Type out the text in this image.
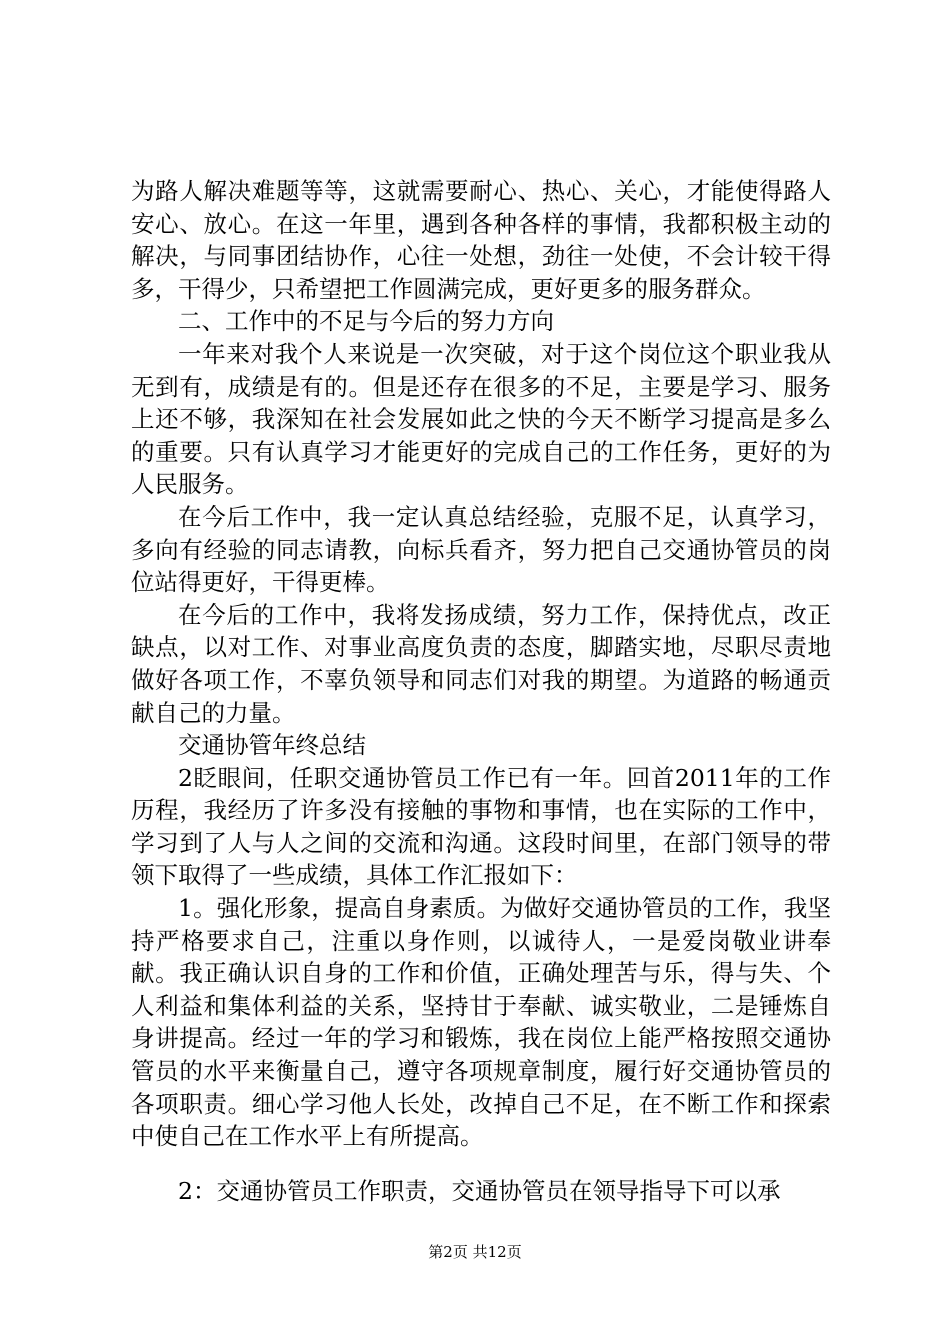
为路人解决难题等等，这就需要耐心、热心、关心，才能使得路人安心、放心。在这一年里，遇到各种各样的事情，我都积极主动的解决，与同事团结协作，心往一处想，劲往一处使，不会计较干得多，干得少，只希望把工作圆满完成，更好更多的服务群众。

二、工作中的不足与今后的努力方向

一年来对我个人来说是一次突破，对于这个岗位这个职业我从无到有，成绩是有的。但是还存在很多的不足，主要是学习、服务上还不够，我深知在社会发展如此之快的今天不断学习提高是多么的重要。只有认真学习才能更好的完成自己的工作任务，更好的为人民服务。

在今后工作中，我一定认真总结经验，克服不足，认真学习，多向有经验的同志请教，向标兵看齐，努力把自己交通协管员的岗位站得更好，干得更棒。

在今后的工作中，我将发扬成绩，努力工作，保持优点，改正缺点，以对工作、对事业高度负责的态度，脚踏实地，尽职尽责地做好各项工作，不辜负领导和同志们对我的期望。为道路的畅通贡献自己的力量。

交通协管年终总结

2眨眼间，任职交通协管员工作已有一年。回首2011年的工作历程，我经历了许多没有接触的事物和事情，也在实际的工作中，学习到了人与人之间的交流和沟通。这段时间里，在部门领导的带领下取得了一些成绩，具体工作汇报如下：

1。强化形象，提高自身素质。为做好交通协管员的工作，我坚持严格要求自己，注重以身作则，以诚待人，一是爱岗敬业讲奉献。我正确认识自身的工作和价值，正确处理苦与乐，得与失、个人利益和集体利益的关系，坚持甘于奉献、诚实敬业，二是锤炼自身讲提高。经过一年的学习和锻炼，我在岗位上能严格按照交通协管员的水平来衡量自己，遵守各项规章制度，履行好交通协管员的各项职责。细心学习他人长处，改掉自己不足，在不断工作和探索中使自己在工作水平上有所提高。

2：交通协管员工作职责，交通协管员在领导指导下可以承

第2页 共12页
